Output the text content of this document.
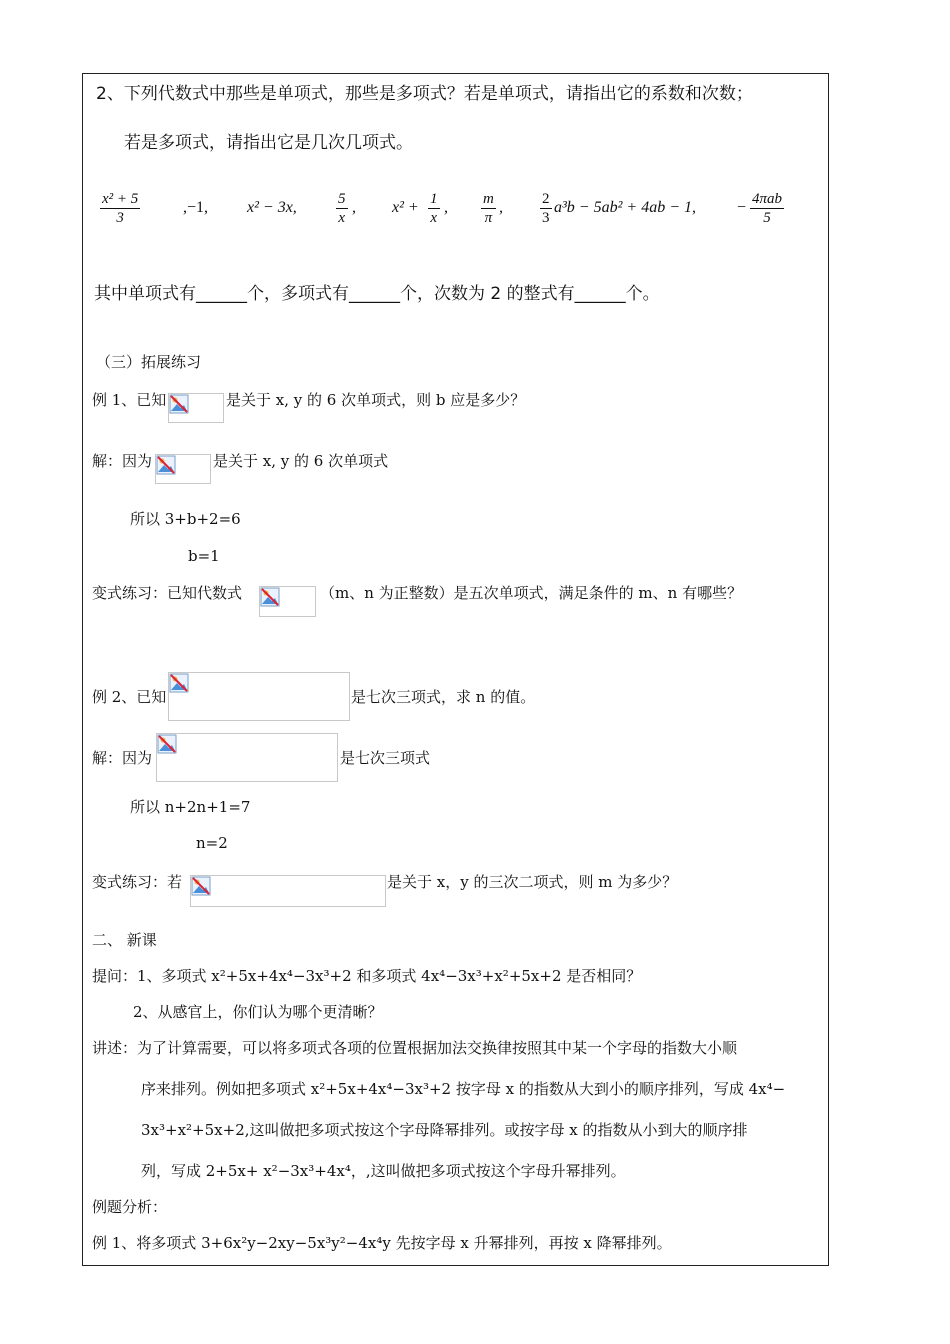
2、下列代数式中那些是单项式，那些是多项式？若是单项式，请指出它的系数和次数；
若是多项式，请指出它是几次几项式。
$\frac{\text{x² + 5}}{3}$	,−1, x² − 3x,	$\frac{5}{x}$ , $x^2 + \frac{1}{x}$ , $\frac{m}{\pi}$ , $\frac{2}{3} a^3b - 5ab^2 + 4ab - 1$,	− 4πab
5
其中单项式有______个，多项式有______个，次数为 2 的整式有______个。
（三）拓展练习
例 1、已知	是关于 x, y 的 6 次单项式，则 b 应是多少？
解：因为	是关于 x, y 的 6 次单项式
所以 3+b+2=6
b=1
变式练习：已知代数式	（m、n 为正整数）是五次单项式，满足条件的 m、n 有哪些？
例 2、已知	是七次三项式，求 n 的值。
解：因为	是七次三项式
所以 n+2n+1=7
n=2
变式练习：若	是关于 x，y 的三次二项式，则 m 为多少？
二、 新课
提问：1、多项式 x²+5x+4x⁴−3x³+2 和多项式 4x⁴−3x³+x²+5x+2 是否相同？
2、从感官上，你们认为哪个更清晰？
讲述：为了计算需要，可以将多项式各项的位置根据加法交换律按照其中某一个字母的指数大小顺
序来排列。例如把多项式 x²+5x+4x⁴−3x³+2 按字母 x 的指数从大到小的顺序排列，写成 4x⁴−
3x³+x²+5x+2,这叫做把多项式按这个字母降幂排列。或按字母 x 的指数从小到大的顺序排
列，写成 2+5x+ x²−3x³+4x⁴，,这叫做把多项式按这个字母升幂排列。
例题分析：
例 1、将多项式 3+6x²y−2xy−5x³y²−4x⁴y 先按字母 x 升幂排列，再按 x 降幂排列。
